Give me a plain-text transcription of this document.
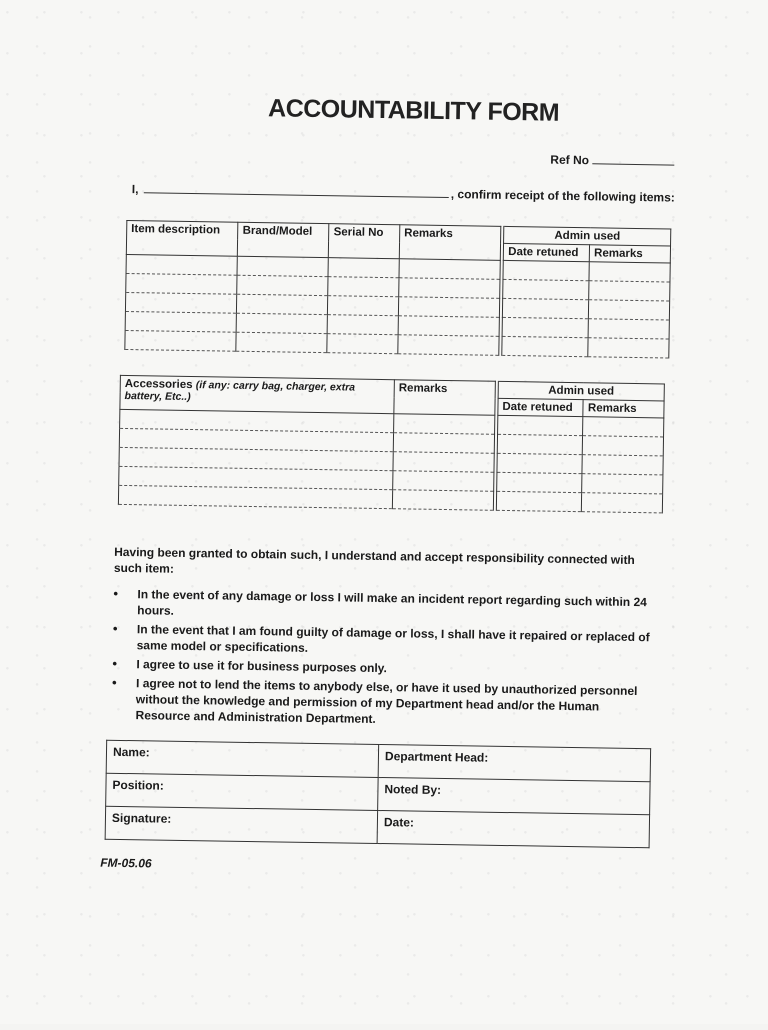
ACCOUNTABILITY FORM
Ref No
I,	, confirm receipt of the following items:
Item description	Brand/Model	Serial No	Remarks		Admin used	
					Date retuned	Remarks

Accessories (if any: carry bag, charger, extra battery, Etc..)	Remarks		Admin used	
			Date retuned	Remarks

Having been granted to obtain such, I understand and accept responsibility connected with such item:
• In the event of any damage or loss I will make an incident report regarding such within 24 hours.
• In the event that I am found guilty of damage or loss, I shall have it repaired or replaced of same model or specifications.
• I agree to use it for business purposes only.
• I agree not to lend the items to anybody else, or have it used by unauthorized personnel without the knowledge and permission of my Department head and/or the Human Resource and Administration Department.
Name:	Department Head:
Position:	Noted By:
Signature:	Date:
FM-05.06
